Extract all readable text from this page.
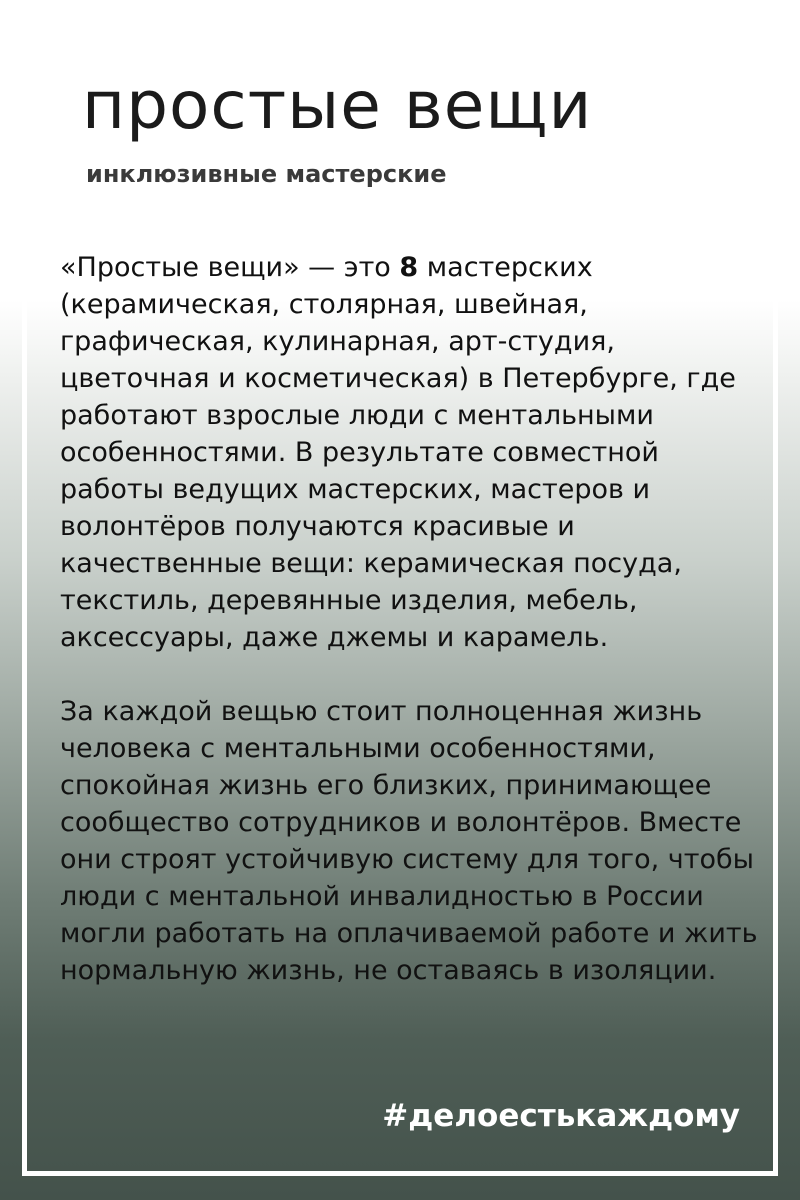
простые вещи
инклюзивные мастерские

«Простые вещи» — это 8 мастерских (керамическая, столярная, швейная, графическая, кулинарная, арт-студия, цветочная и косметическая) в Петербурге, где работают взрослые люди с ментальными особенностями. В результате совместной работы ведущих мастерских, мастеров и волонтёров получаются красивые и качественные вещи: керамическая посуда, текстиль, деревянные изделия, мебель, аксессуары, даже джемы и карамель.

За каждой вещью стоит полноценная жизнь человека с ментальными особенностями, спокойная жизнь его близких, принимающее сообщество сотрудников и волонтёров. Вместе они строят устойчивую систему для того, чтобы люди с ментальной инвалидностью в России могли работать на оплачиваемой работе и жить нормальную жизнь, не оставаясь в изоляции.

#делоестькаждому
